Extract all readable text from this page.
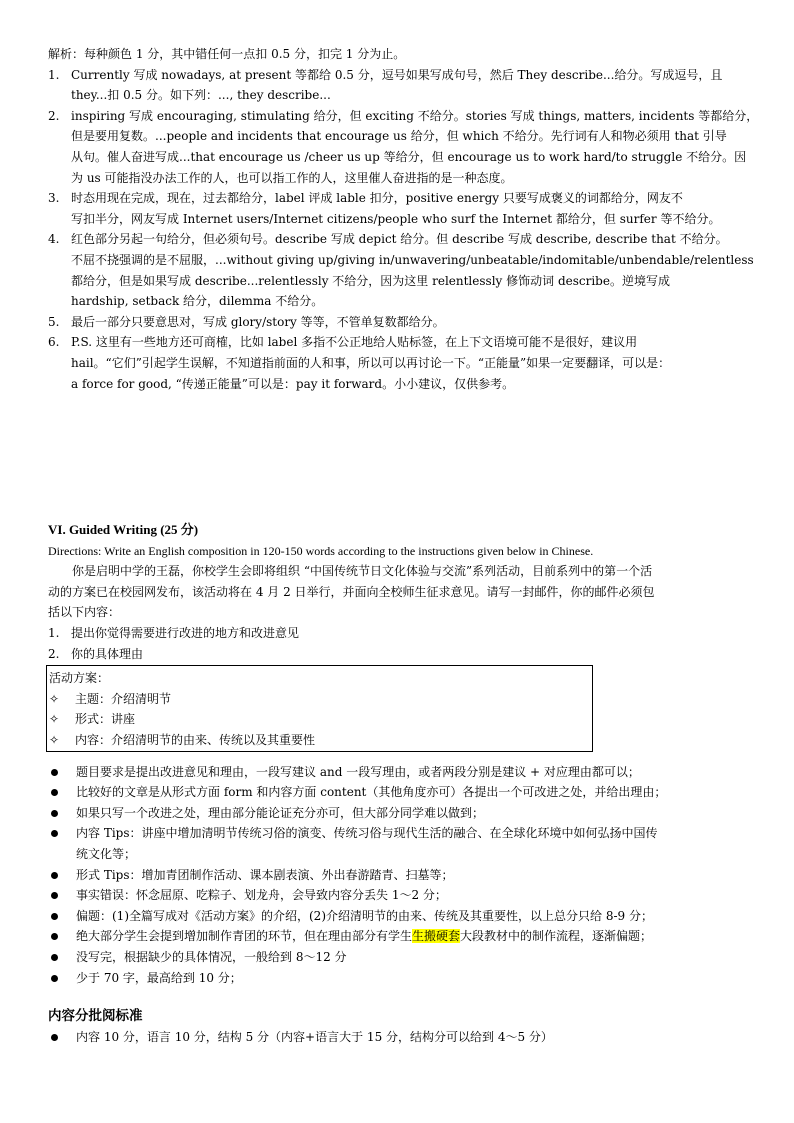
解析：每种颜色 1 分，其中错任何一点扣 0.5 分，扣完 1 分为止。
1. Currently 写成 nowadays, at present 等都给 0.5 分，逗号如果写成句号，然后 They describe...给分。写成逗号，且
they...扣 0.5 分。如下列：..., they describe...
2. inspiring 写成 encouraging, stimulating 给分，但 exciting 不给分。stories 写成 things, matters, incidents 等都给分，
但是要用复数。...people and incidents that encourage us 给分，但 which 不给分。先行词有人和物必须用 that 引导
从句。催人奋进写成...that encourage us /cheer us up 等给分，但 encourage us to work hard/to struggle 不给分。因
为 us 可能指没办法工作的人，也可以指工作的人，这里催人奋进指的是一种态度。
3. 时态用现在完成，现在，过去都给分，label 评成 lable 扣分，positive energy 只要写成褒义的词都给分，网友不
写扣半分，网友写成 Internet users/Internet citizens/people who surf the Internet 都给分，但 surfer 等不给分。
4. 红色部分另起一句给分，但必须句号。describe 写成 depict 给分。但 describe 写成 describe, describe that 不给分。
不屈不挠强调的是不屈服，...without giving up/giving in/unwavering/unbeatable/indomitable/unbendable/relentless
都给分，但是如果写成 describe...relentlessly 不给分，因为这里 relentlessly 修饰动词 describe。逆境写成
hardship, setback 给分，dilemma 不给分。
5. 最后一部分只要意思对，写成 glory/story 等等，不管单复数都给分。
6. P.S. 这里有一些地方还可商榷，比如 label 多指不公正地给人贴标签，在上下文语境可能不是很好，建议用
hail。“它们”引起学生误解，不知道指前面的人和事，所以可以再讨论一下。“正能量”如果一定要翻译，可以是：
a force for good, “传递正能量”可以是：pay it forward。小小建议，仅供参考。
VI. Guided Writing (25 分)
Directions: Write an English composition in 120-150 words according to the instructions given below in Chinese.
你是启明中学的王磊，你校学生会即将组织 “中国传统节日文化体验与交流”系列活动，目前系列中的第一个活
动的方案已在校园网发布，该活动将在 4 月 2 日举行，并面向全校师生征求意见。请写一封邮件，你的邮件必须包
括以下内容：
1. 提出你觉得需要进行改进的地方和改进意见
2. 你的具体理由
活动方案：
✧ 主题：介绍清明节
✧ 形式：讲座
✧ 内容：介绍清明节的由来、传统以及其重要性
题目要求是提出改进意见和理由，一段写建议 and 一段写理由，或者两段分别是建议 + 对应理由都可以；
比较好的文章是从形式方面 form 和内容方面 content（其他角度亦可）各提出一个可改进之处，并给出理由；
如果只写一个改进之处，理由部分能论证充分亦可，但大部分同学难以做到；
内容 Tips：讲座中增加清明节传统习俗的演变、传统习俗与现代生活的融合、在全球化环境中如何弘扬中国传
统文化等；
形式 Tips：增加青团制作活动、课本剧表演、外出春游踏青、扫墓等；
事实错误：怀念屈原、吃粽子、划龙舟，会导致内容分丢失 1～2 分；
偏题：(1)全篇写成对《活动方案》的介绍，(2)介绍清明节的由来、传统及其重要性，以上总分只给 8-9 分；
绝大部分学生会提到增加制作青团的环节，但在理由部分有学生生搬硬套大段教材中的制作流程，逐渐偏题；
没写完，根据缺少的具体情况，一般给到 8～12 分
少于 70 字，最高给到 10 分；
内容分批阅标准
内容 10 分，语言 10 分，结构 5 分（内容+语言大于 15 分，结构分可以给到 4～5 分）
